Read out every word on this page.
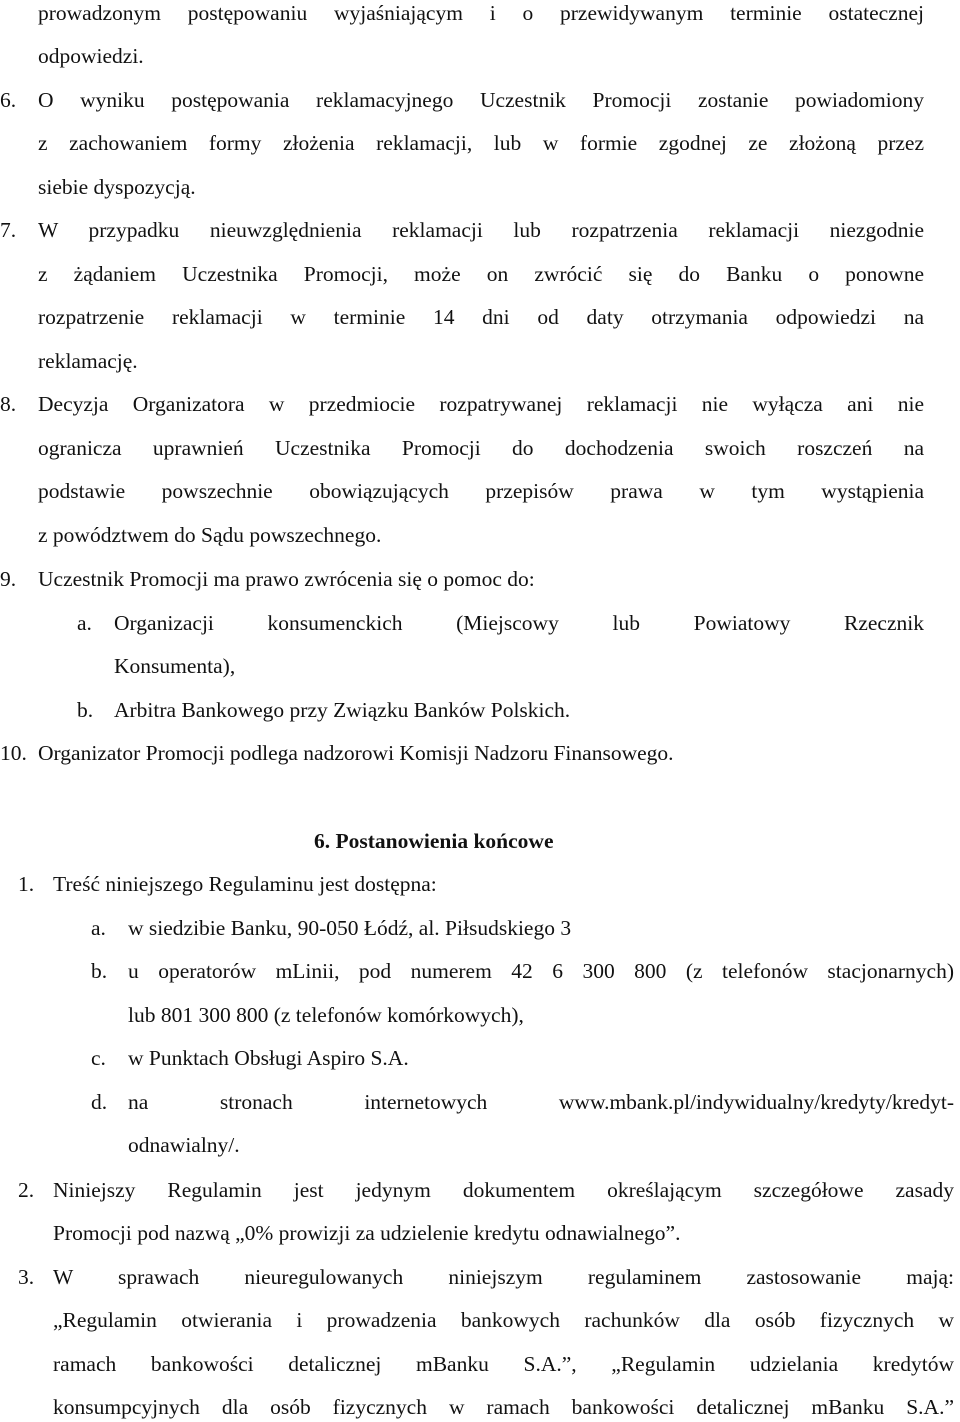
prowadzonym postępowaniu wyjaśniającym i o przewidywanym terminie ostatecznej
odpowiedzi.
6. O wyniku postępowania reklamacyjnego Uczestnik Promocji zostanie powiadomiony
z zachowaniem formy złożenia reklamacji, lub w formie zgodnej ze złożoną przez
siebie dyspozycją.
7. W przypadku nieuwzględnienia reklamacji lub rozpatrzenia reklamacji niezgodnie
z żądaniem Uczestnika Promocji, może on zwrócić się do Banku o ponowne
rozpatrzenie reklamacji w terminie 14 dni od daty otrzymania odpowiedzi na
reklamację.
8. Decyzja Organizatora w przedmiocie rozpatrywanej reklamacji nie wyłącza ani nie
ogranicza uprawnień Uczestnika Promocji do dochodzenia swoich roszczeń na
podstawie powszechnie obowiązujących przepisów prawa w tym wystąpienia
z powództwem do Sądu powszechnego.
9. Uczestnik Promocji ma prawo zwrócenia się o pomoc do:
a. Organizacji konsumenckich (Miejscowy lub Powiatowy Rzecznik
Konsumenta),
b. Arbitra Bankowego przy Związku Banków Polskich.
10. Organizator Promocji podlega nadzorowi Komisji Nadzoru Finansowego.
6. Postanowienia końcowe
1. Treść niniejszego Regulaminu jest dostępna:
a. w siedzibie Banku, 90-050 Łódź, al. Piłsudskiego 3
b. u operatorów mLinii, pod numerem 42 6 300 800 (z telefonów stacjonarnych)
lub 801 300 800 (z telefonów komórkowych),
c. w Punktach Obsługi Aspiro S.A.
d. na stronach internetowych www.mbank.pl/indywidualny/kredyty/kredyt-
odnawialny/.
2. Niniejszy Regulamin jest jedynym dokumentem określającym szczegółowe zasady
Promocji pod nazwą „0% prowizji za udzielenie kredytu odnawialnego”.
3. W sprawach nieuregulowanych niniejszym regulaminem zastosowanie mają:
„Regulamin otwierania i prowadzenia bankowych rachunków dla osób fizycznych w
ramach bankowości detalicznej mBanku S.A.”, „Regulamin udzielania kredytów
konsumpcyjnych dla osób fizycznych w ramach bankowości detalicznej mBanku S.A.”
